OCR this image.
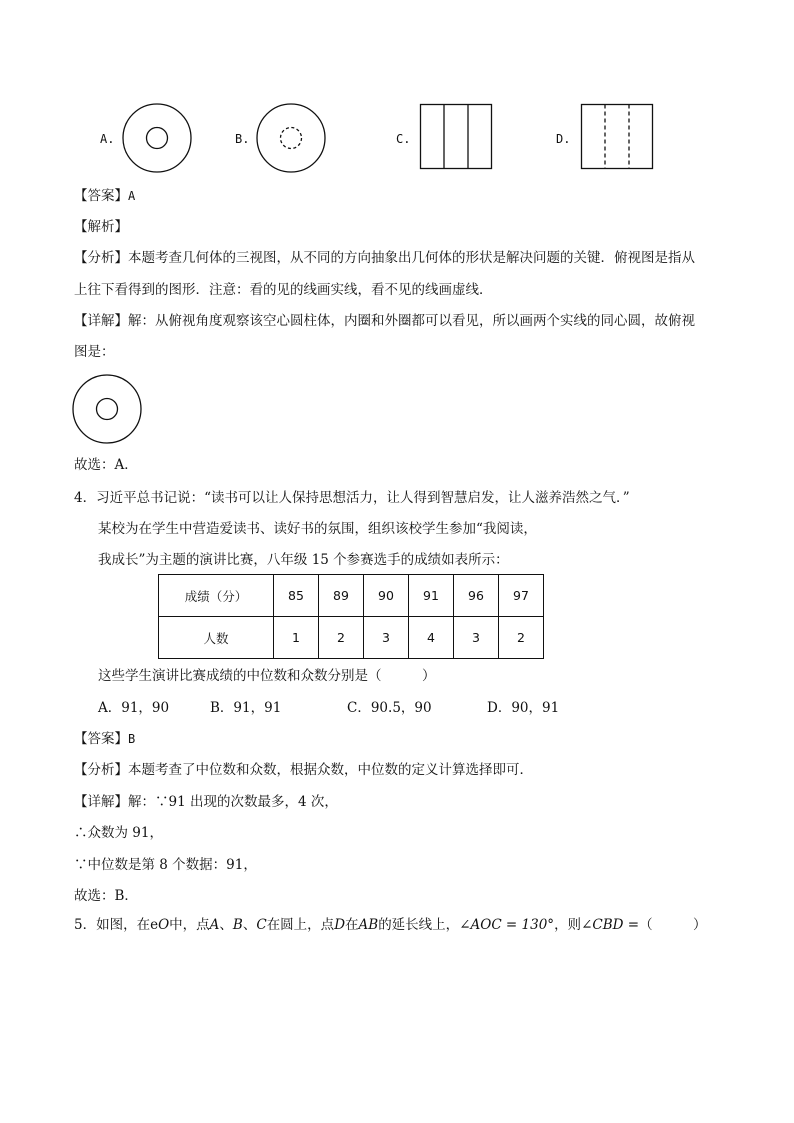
A.	B.	C.	D.
【答案】A
【解析】
【分析】本题考查几何体的三视图，从不同的方向抽象出几何体的形状是解决问题的关键．俯视图是指从
上往下看得到的图形．注意：看的见的线画实线，看不见的线画虚线．
【详解】解：从俯视角度观察该空心圆柱体，内圈和外圈都可以看见，所以画两个实线的同心圆，故俯视
图是：
故选：A．
4．习近平总书记说：“读书可以让人保持思想活力，让人得到智慧启发，让人滋养浩然之气．”
某校为在学生中营造爱读书、读好书的氛围，组织该校学生参加“我阅读，
我成长”为主题的演讲比赛，八年级 15 个参赛选手的成绩如表所示：
成绩（分）	85	89	90	91	96	97
人数	1	2	3	4	3	2
这些学生演讲比赛成绩的中位数和众数分别是（　　　）
A．91，90	B．91，91	C．90.5，90	D．90，91
【答案】B
【分析】本题考查了中位数和众数，根据众数，中位数的定义计算选择即可．
【详解】解：∵91 出现的次数最多，4 次，
∴众数为 91，
∵中位数是第 8 个数据：91，
故选：B．
5．如图，在eO中，点A、B、C在圆上，点D在AB的延长线上，∠AOC = 130°，则∠CBD =（　　　）
